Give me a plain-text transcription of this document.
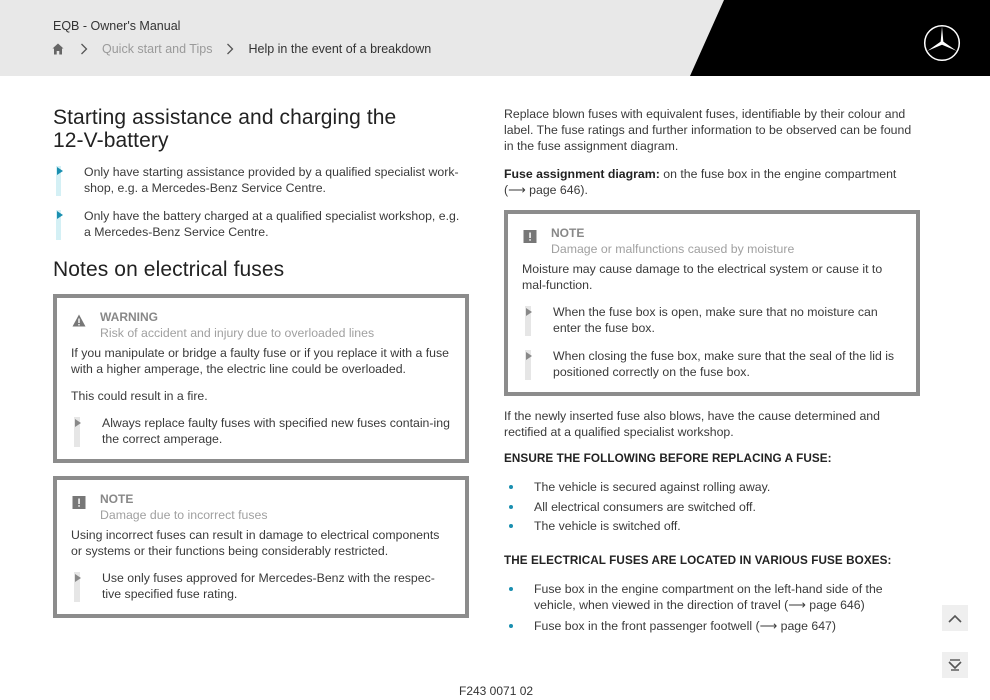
EQB - Owner's Manual
Quick start and Tips	Help in the event of a breakdown
Starting assistance and charging the
12-V-battery
Only have starting assistance provided by a qualified specialist work-shop, e.g. a Mercedes-Benz Service Centre.
Only have the battery charged at a qualified specialist workshop, e.g. a Mercedes-Benz Service Centre.
Notes on electrical fuses
WARNING
Risk of accident and injury due to overloaded lines

If you manipulate or bridge a faulty fuse or if you replace it with a fuse with a higher amperage, the electric line could be overloaded.

This could result in a fire.

Always replace faulty fuses with specified new fuses contain-ing the correct amperage.
NOTE
Damage due to incorrect fuses

Using incorrect fuses can result in damage to electrical components or systems or their functions being considerably restricted.

Use only fuses approved for Mercedes-Benz with the respec-tive specified fuse rating.

Replace blown fuses with equivalent fuses, identifiable by their colour and label. The fuse ratings and further information to be observed can be found in the fuse assignment diagram.

Fuse assignment diagram: on the fuse box in the engine compartment
(⟶ page 646).

NOTE
Damage or malfunctions caused by moisture

Moisture may cause damage to the electrical system or cause it to mal-function.

When the fuse box is open, make sure that no moisture can enter the fuse box.
When closing the fuse box, make sure that the seal of the lid is positioned correctly on the fuse box.

If the newly inserted fuse also blows, have the cause determined and rectified at a qualified specialist workshop.

ENSURE THE FOLLOWING BEFORE REPLACING A FUSE:
The vehicle is secured against rolling away.
All electrical consumers are switched off.
The vehicle is switched off.
THE ELECTRICAL FUSES ARE LOCATED IN VARIOUS FUSE BOXES:
Fuse box in the engine compartment on the left-hand side of the vehicle, when viewed in the direction of travel (⟶ page 646)
Fuse box in the front passenger footwell (⟶ page 647)
F243 0071 02
